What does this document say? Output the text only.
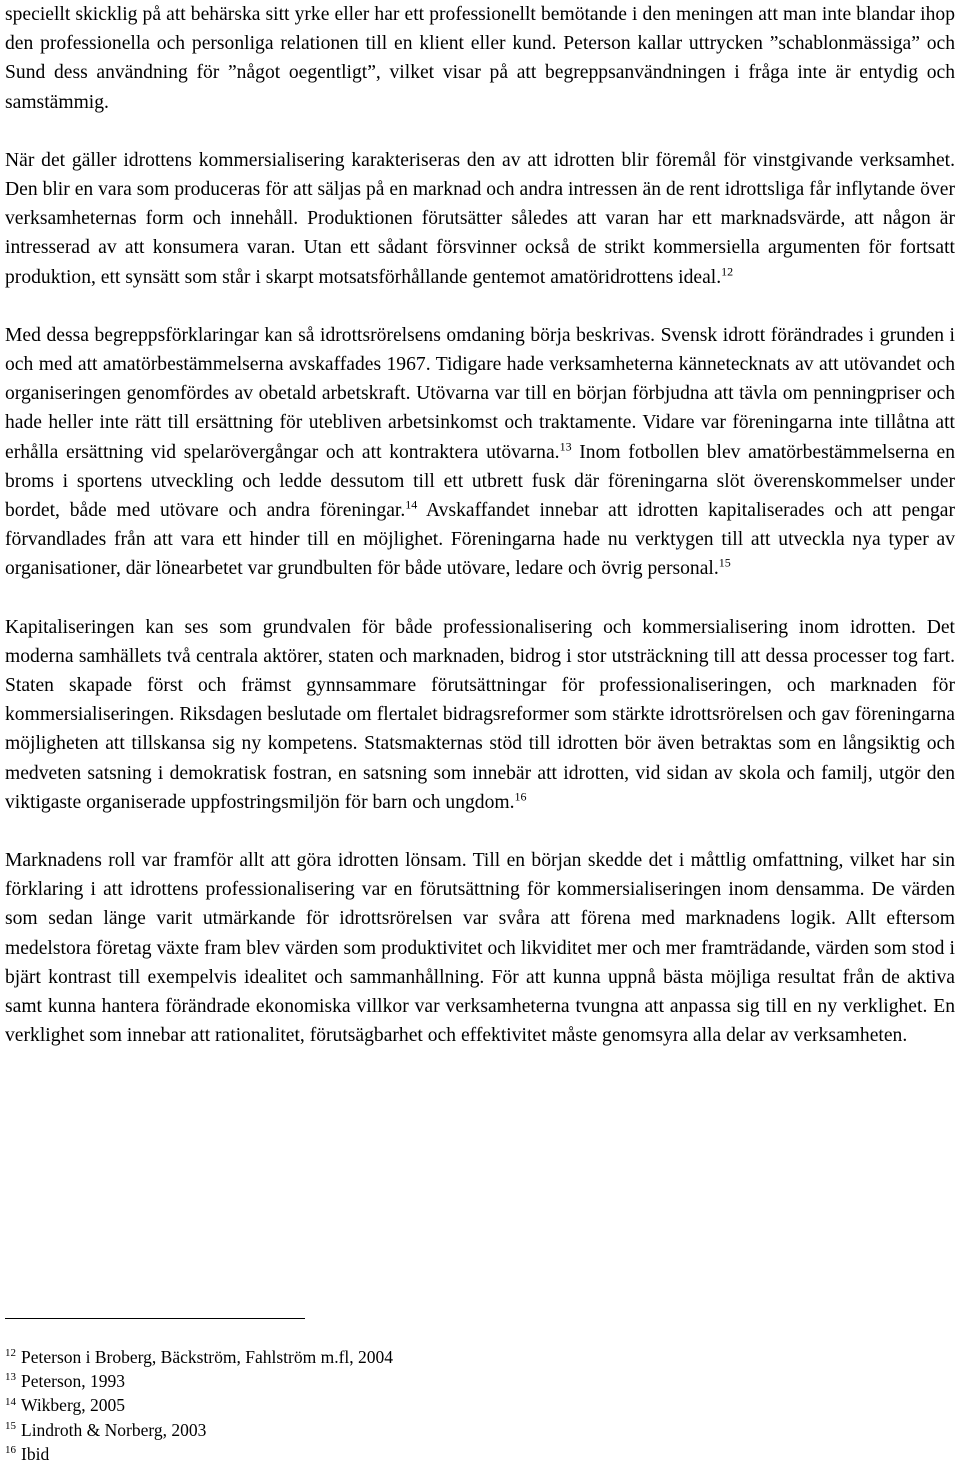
speciellt skicklig på att behärska sitt yrke eller har ett professionellt bemötande i den meningen att man inte blandar ihop den professionella och personliga relationen till en klient eller kund. Peterson kallar uttrycken ”schablonmässiga” och Sund dess användning för ”något oegentligt”, vilket visar på att begreppsanvändningen i fråga inte är entydig och samstämmig.

När det gäller idrottens kommersialisering karakteriseras den av att idrotten blir föremål för vinstgivande verksamhet. Den blir en vara som produceras för att säljas på en marknad och andra intressen än de rent idrottsliga får inflytande över verksamheternas form och innehåll. Produktionen förutsätter således att varan har ett marknadsvärde, att någon är intresserad av att konsumera varan. Utan ett sådant försvinner också de strikt kommersiella argumenten för fortsatt produktion, ett synsätt som står i skarpt motsatsförhållande gentemot amatöridrottens ideal.$^{12}$

Med dessa begreppsförklaringar kan så idrottsrörelsens omdaning börja beskrivas. Svensk idrott förändrades i grunden i och med att amatörbestämmelserna avskaffades 1967. Tidigare hade verksamheterna kännetecknats av att utövandet och organiseringen genomfördes av obetald arbetskraft. Utövarna var till en början förbjudna att tävla om penningpriser och hade heller inte rätt till ersättning för utebliven arbetsinkomst och traktamente. Vidare var föreningarna inte tillåtna att erhålla ersättning vid spelarövergångar och att kontraktera utövarna.$^{13}$ Inom fotbollen blev amatörbestämmelserna en broms i sportens utveckling och ledde dessutom till ett utbrett fusk där föreningarna slöt överenskommelser under bordet, både med utövare och andra föreningar.$^{14}$ Avskaffandet innebar att idrotten kapitaliserades och att pengar förvandlades från att vara ett hinder till en möjlighet. Föreningarna hade nu verktygen till att utveckla nya typer av organisationer, där lönearbetet var grundbulten för både utövare, ledare och övrig personal.$^{15}$

Kapitaliseringen kan ses som grundvalen för både professionalisering och kommersialisering inom idrotten. Det moderna samhällets två centrala aktörer, staten och marknaden, bidrog i stor utsträckning till att dessa processer tog fart. Staten skapade först och främst gynnsammare förutsättningar för professionaliseringen, och marknaden för kommersialiseringen. Riksdagen beslutade om flertalet bidragsreformer som stärkte idrottsrörelsen och gav föreningarna möjligheten att tillskansa sig ny kompetens. Statsmakternas stöd till idrotten bör även betraktas som en långsiktig och medveten satsning i demokratisk fostran, en satsning som innebär att idrotten, vid sidan av skola och familj, utgör den viktigaste organiserade uppfostringsmiljön för barn och ungdom.$^{16}$

Marknadens roll var framför allt att göra idrotten lönsam. Till en början skedde det i måttlig omfattning, vilket har sin förklaring i att idrottens professionalisering var en förutsättning för kommersialiseringen inom densamma. De värden som sedan länge varit utmärkande för idrottsrörelsen var svåra att förena med marknadens logik. Allt eftersom medelstora företag växte fram blev värden som produktivitet och likviditet mer och mer framträdande, värden som stod i bjärt kontrast till exempelvis idealitet och sammanhållning. För att kunna uppnå bästa möjliga resultat från de aktiva samt kunna hantera förändrade ekonomiska villkor var verksamheterna tvungna att anpassa sig till en ny verklighet. En verklighet som innebar att rationalitet, förutsägbarhet och effektivitet måste genomsyra alla delar av verksamheten.

$^{12}$ Peterson i Broberg, Bäckström, Fahlström m.fl, 2004

$^{13}$ Peterson, 1993

$^{14}$ Wikberg, 2005

$^{15}$ Lindroth & Norberg, 2003

$^{16}$ Ibid
